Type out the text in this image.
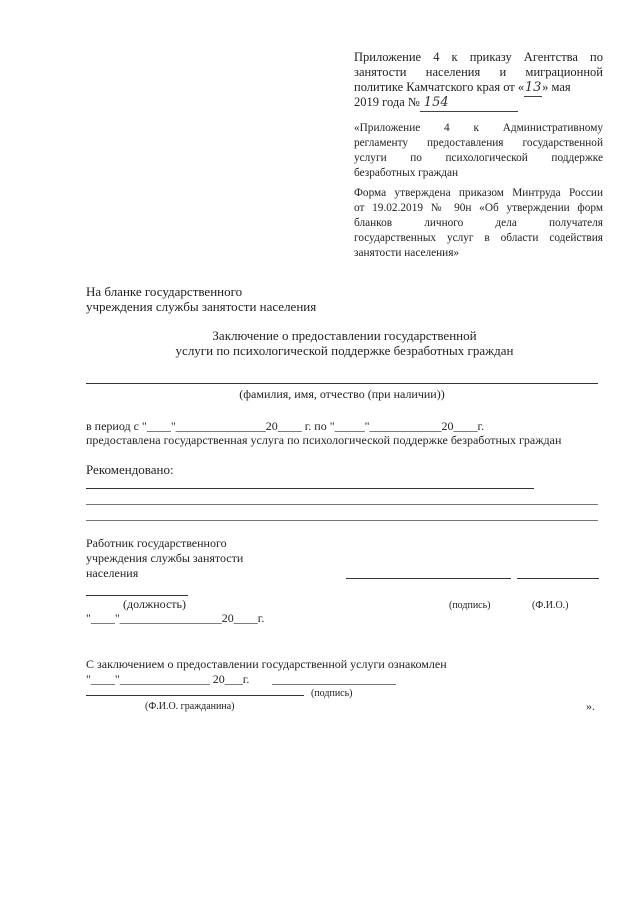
Приложение 4 к приказу Агентства по
занятости населения и миграционной
политике Камчатского края от «13» мая
2019 года № 154
«Приложение 4 к Административному
регламенту предоставления государственной
услуги по психологической поддержке
безработных граждан
Форма утверждена приказом Минтруда России
от 19.02.2019 № 90н «Об утверждении форм
бланков личного дела получателя
государственных услуг в области содействия
занятости населения»
На бланке государственного
учреждения службы занятости населения
Заключение о предоставлении государственной
услуги по психологической поддержке безработных граждан
(фамилия, имя, отчество (при наличии))
в период с "____"_______________20____ г. по "_____"____________20____г.
предоставлена государственная услуга по психологической поддержке безработных граждан
Рекомендовано:
Работник государственного
учреждения службы занятости
населения
(должность)	(подпись)	(Ф.И.О.)
"____"_________________20____г.
С заключением о предоставлении государственной услуги ознакомлен
"____"_______________ 20___г.
(подпись)
(Ф.И.О. гражданина)	».
